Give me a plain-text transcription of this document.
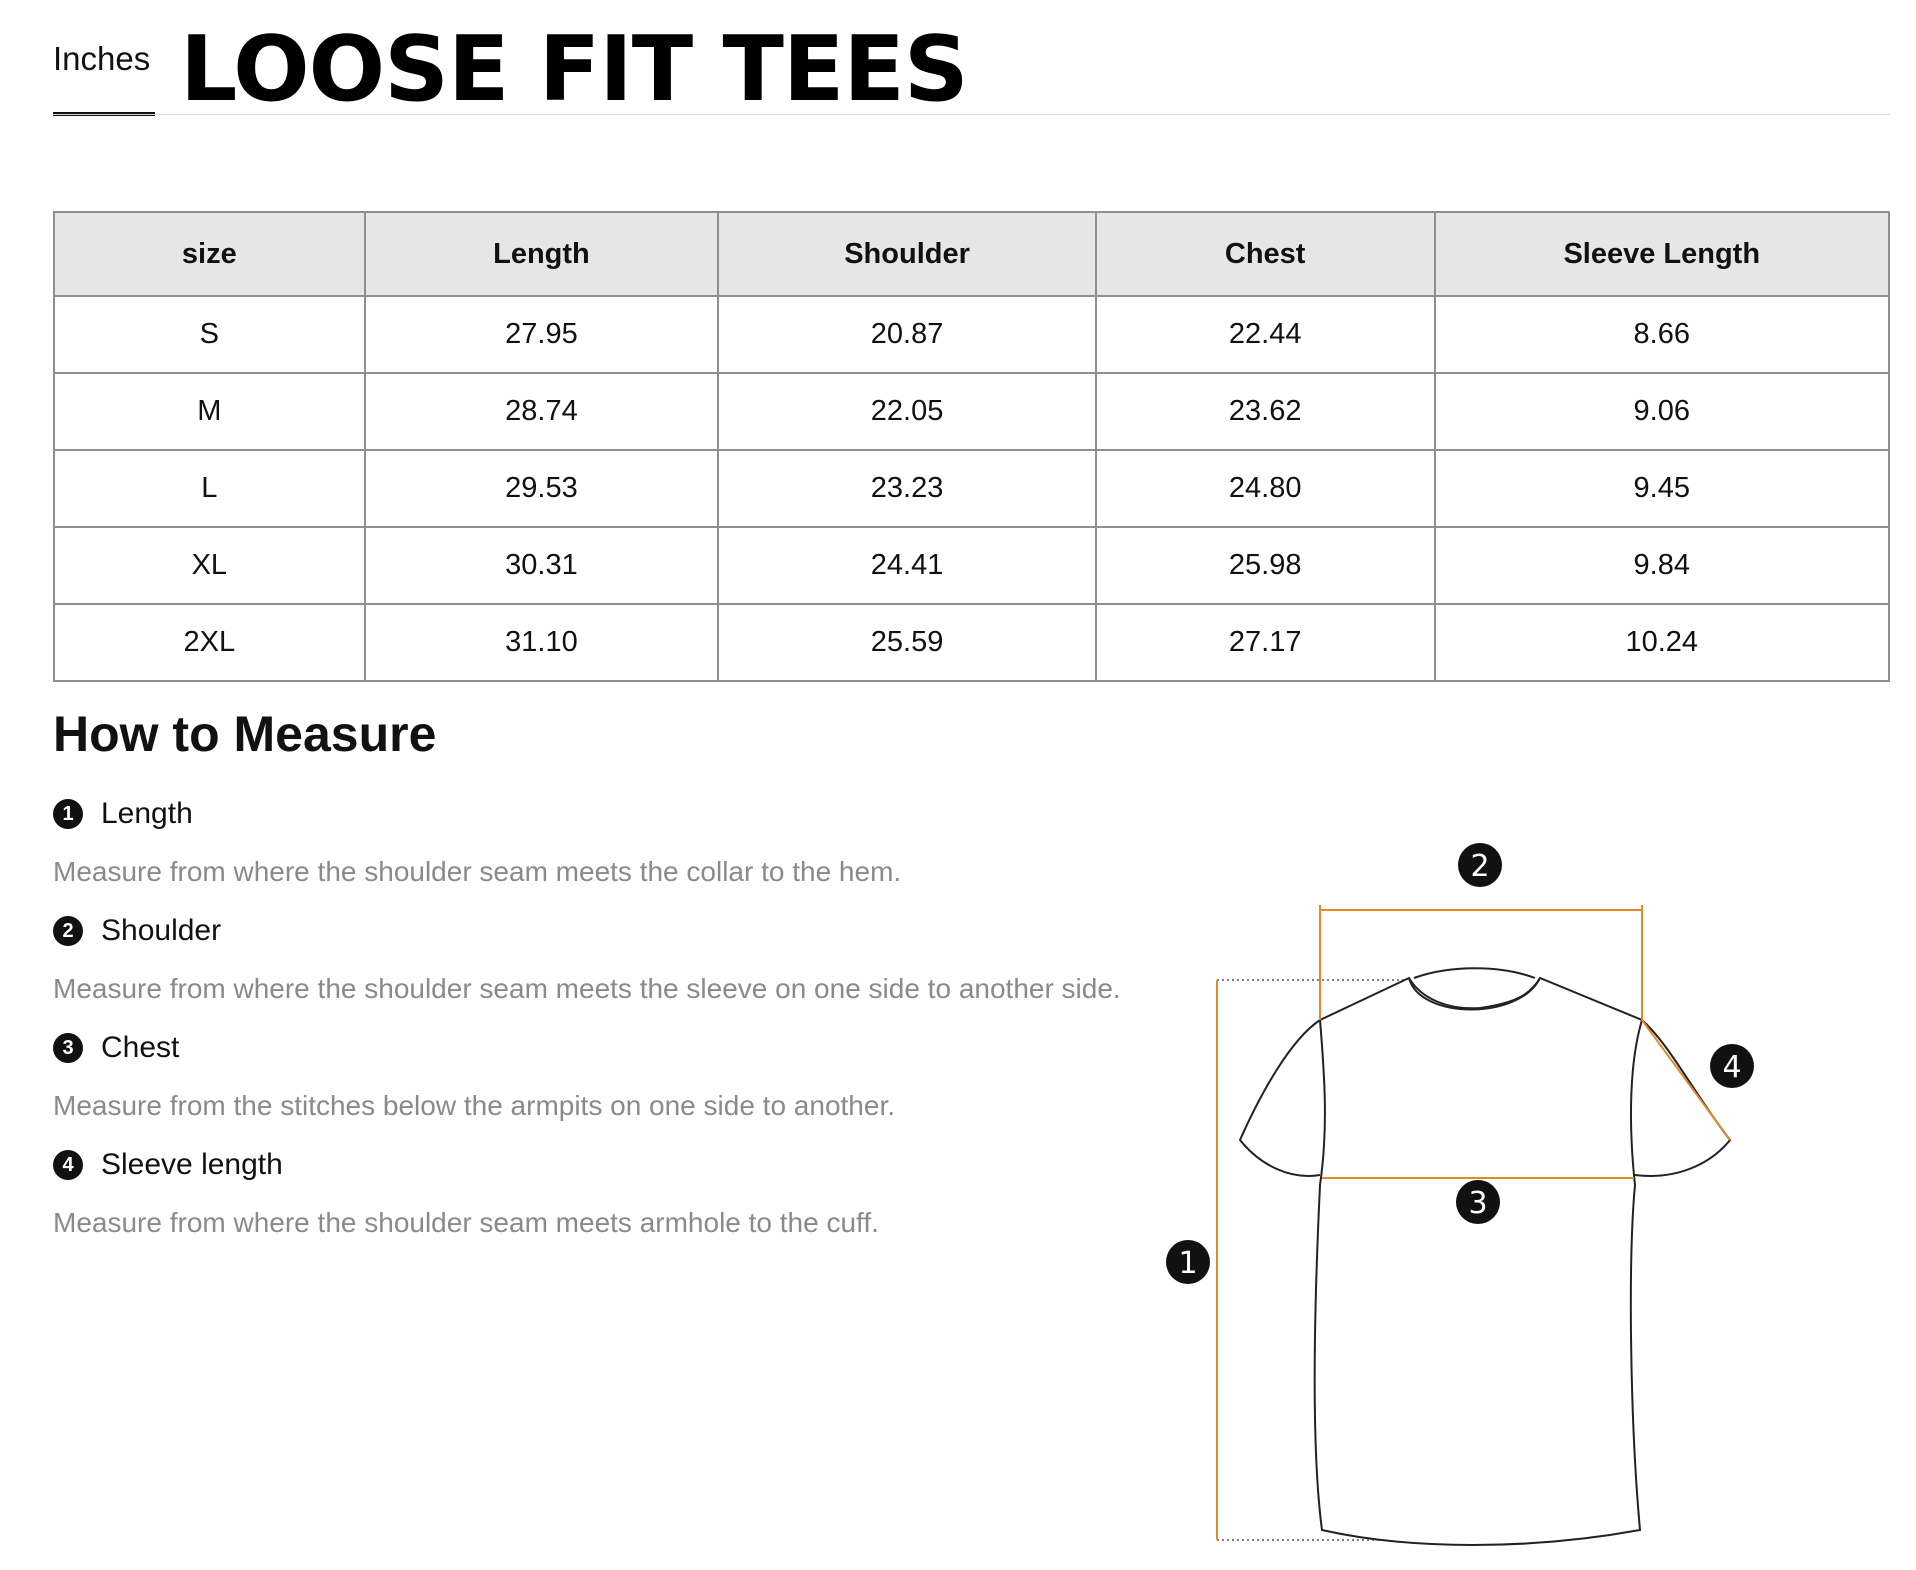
Inches LOOSE FIT TEES
size	Length	Shoulder	Chest	Sleeve Length
S	27.95	20.87	22.44	8.66
M	28.74	22.05	23.62	9.06
L	29.53	23.23	24.80	9.45
XL	30.31	24.41	25.98	9.84
2XL	31.10	25.59	27.17	10.24
How to Measure
1 Length
Measure from where the shoulder seam meets the collar to the hem.
2 Shoulder
Measure from where the shoulder seam meets the sleeve on one side to another side.
3 Chest
Measure from the stitches below the armpits on one side to another.
4 Sleeve length
Measure from where the shoulder seam meets armhole to the cuff.
1
2
3
4
